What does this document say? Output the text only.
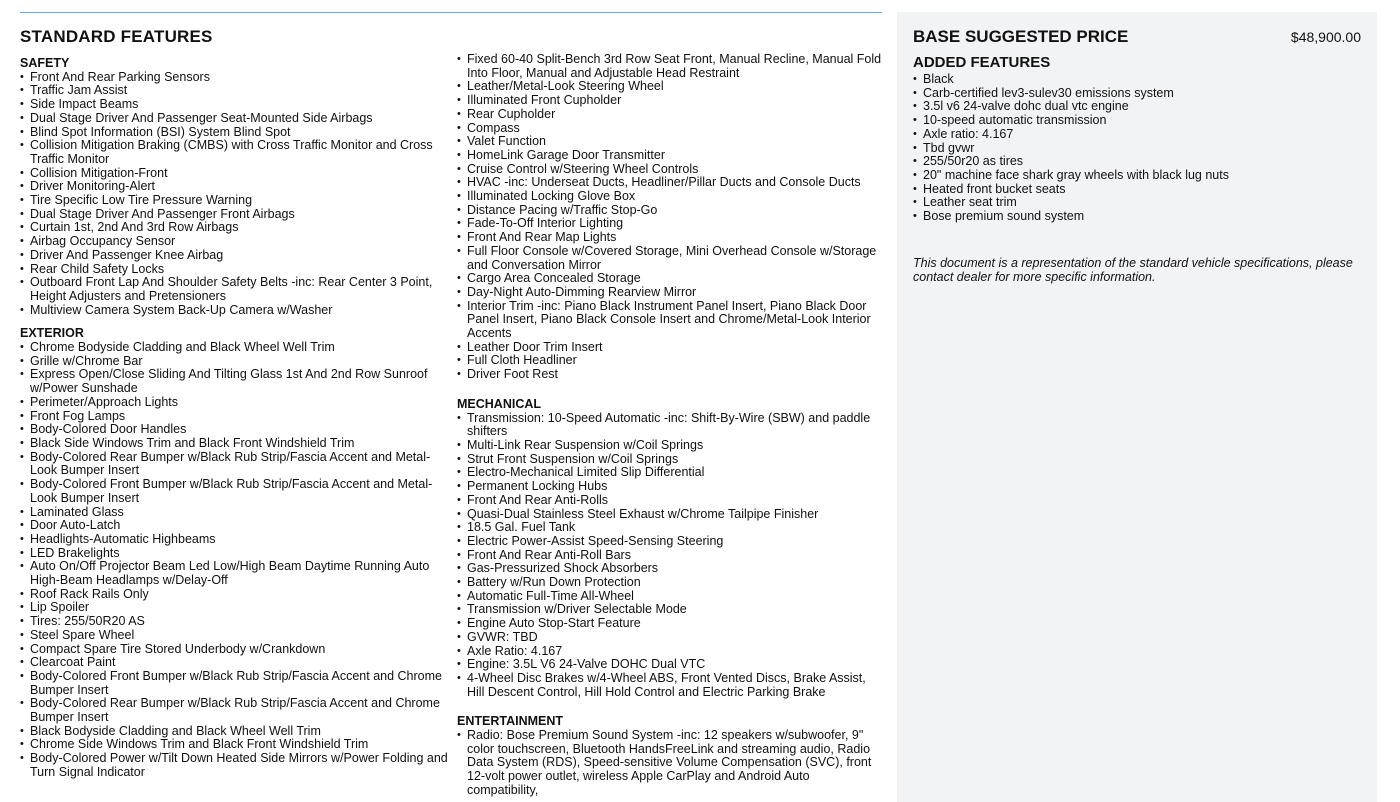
STANDARD FEATURES
SAFETY
• Front And Rear Parking Sensors
• Traffic Jam Assist
• Side Impact Beams
• Dual Stage Driver And Passenger Seat-Mounted Side Airbags
• Blind Spot Information (BSI) System Blind Spot
• Collision Mitigation Braking (CMBS) with Cross Traffic Monitor and Cross Traffic Monitor
• Collision Mitigation-Front
• Driver Monitoring-Alert
• Tire Specific Low Tire Pressure Warning
• Dual Stage Driver And Passenger Front Airbags
• Curtain 1st, 2nd And 3rd Row Airbags
• Airbag Occupancy Sensor
• Driver And Passenger Knee Airbag
• Rear Child Safety Locks
• Outboard Front Lap And Shoulder Safety Belts -inc: Rear Center 3 Point, Height Adjusters and Pretensioners
• Multiview Camera System Back-Up Camera w/Washer
EXTERIOR
• Chrome Bodyside Cladding and Black Wheel Well Trim
• Grille w/Chrome Bar
• Express Open/Close Sliding And Tilting Glass 1st And 2nd Row Sunroof w/Power Sunshade
• Perimeter/Approach Lights
• Front Fog Lamps
• Body-Colored Door Handles
• Black Side Windows Trim and Black Front Windshield Trim
• Body-Colored Rear Bumper w/Black Rub Strip/Fascia Accent and Metal-Look Bumper Insert
• Body-Colored Front Bumper w/Black Rub Strip/Fascia Accent and Metal-Look Bumper Insert
• Laminated Glass
• Door Auto-Latch
• Headlights-Automatic Highbeams
• LED Brakelights
• Auto On/Off Projector Beam Led Low/High Beam Daytime Running Auto High-Beam Headlamps w/Delay-Off
• Roof Rack Rails Only
• Lip Spoiler
• Tires: 255/50R20 AS
• Steel Spare Wheel
• Compact Spare Tire Stored Underbody w/Crankdown
• Clearcoat Paint
• Body-Colored Front Bumper w/Black Rub Strip/Fascia Accent and Chrome Bumper Insert
• Body-Colored Rear Bumper w/Black Rub Strip/Fascia Accent and Chrome Bumper Insert
• Black Bodyside Cladding and Black Wheel Well Trim
• Chrome Side Windows Trim and Black Front Windshield Trim
• Body-Colored Power w/Tilt Down Heated Side Mirrors w/Power Folding and Turn Signal Indicator
• Fixed 60-40 Split-Bench 3rd Row Seat Front, Manual Recline, Manual Fold Into Floor, Manual and Adjustable Head Restraint
• Leather/Metal-Look Steering Wheel
• Illuminated Front Cupholder
• Rear Cupholder
• Compass
• Valet Function
• HomeLink Garage Door Transmitter
• Cruise Control w/Steering Wheel Controls
• HVAC -inc: Underseat Ducts, Headliner/Pillar Ducts and Console Ducts
• Illuminated Locking Glove Box
• Distance Pacing w/Traffic Stop-Go
• Fade-To-Off Interior Lighting
• Front And Rear Map Lights
• Full Floor Console w/Covered Storage, Mini Overhead Console w/Storage and Conversation Mirror
• Cargo Area Concealed Storage
• Day-Night Auto-Dimming Rearview Mirror
• Interior Trim -inc: Piano Black Instrument Panel Insert, Piano Black Door Panel Insert, Piano Black Console Insert and Chrome/Metal-Look Interior Accents
• Leather Door Trim Insert
• Full Cloth Headliner
• Driver Foot Rest
MECHANICAL
• Transmission: 10-Speed Automatic -inc: Shift-By-Wire (SBW) and paddle shifters
• Multi-Link Rear Suspension w/Coil Springs
• Strut Front Suspension w/Coil Springs
• Electro-Mechanical Limited Slip Differential
• Permanent Locking Hubs
• Front And Rear Anti-Rolls
• Quasi-Dual Stainless Steel Exhaust w/Chrome Tailpipe Finisher
• 18.5 Gal. Fuel Tank
• Electric Power-Assist Speed-Sensing Steering
• Front And Rear Anti-Roll Bars
• Gas-Pressurized Shock Absorbers
• Battery w/Run Down Protection
• Automatic Full-Time All-Wheel
• Transmission w/Driver Selectable Mode
• Engine Auto Stop-Start Feature
• GVWR: TBD
• Axle Ratio: 4.167
• Engine: 3.5L V6 24-Valve DOHC Dual VTC
• 4-Wheel Disc Brakes w/4-Wheel ABS, Front Vented Discs, Brake Assist, Hill Descent Control, Hill Hold Control and Electric Parking Brake
ENTERTAINMENT
• Radio: Bose Premium Sound System -inc: 12 speakers w/subwoofer, 9" color touchscreen, Bluetooth HandsFreeLink and streaming audio, Radio Data System (RDS), Speed-sensitive Volume Compensation (SVC), front 12-volt power outlet, wireless Apple CarPlay and Android Auto compatibility,
BASE SUGGESTED PRICE	$48,900.00
ADDED FEATURES
• Black
• Carb-certified lev3-sulev30 emissions system
• 3.5l v6 24-valve dohc dual vtc engine
• 10-speed automatic transmission
• Axle ratio: 4.167
• Tbd gvwr
• 255/50r20 as tires
• 20" machine face shark gray wheels with black lug nuts
• Heated front bucket seats
• Leather seat trim
• Bose premium sound system

This document is a representation of the standard vehicle specifications, please contact dealer for more specific information.
